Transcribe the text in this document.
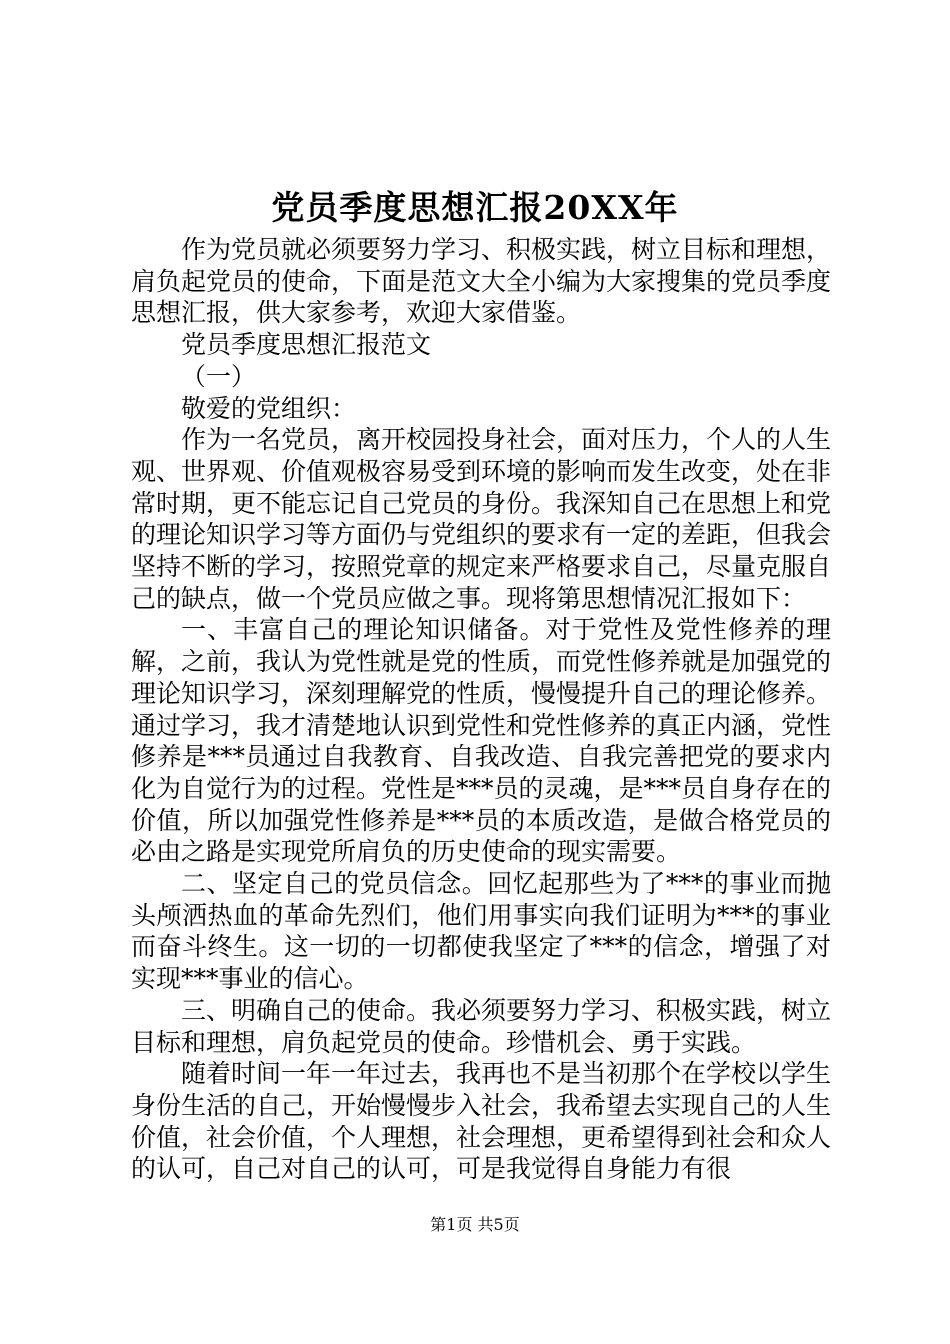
党员季度思想汇报20XX年

作为党员就必须要努力学习、积极实践，树立目标和理想，肩负起党员的使命，下面是范文大全小编为大家搜集的党员季度思想汇报，供大家参考，欢迎大家借鉴。

党员季度思想汇报范文

（一）

敬爱的党组织：

作为一名党员，离开校园投身社会，面对压力，个人的人生观、世界观、价值观极容易受到环境的影响而发生改变，处在非常时期，更不能忘记自己党员的身份。我深知自己在思想上和党的理论知识学习等方面仍与党组织的要求有一定的差距，但我会坚持不断的学习，按照党章的规定来严格要求自己，尽量克服自己的缺点，做一个党员应做之事。现将第思想情况汇报如下：

一、丰富自己的理论知识储备。对于党性及党性修养的理解，之前，我认为党性就是党的性质，而党性修养就是加强党的理论知识学习，深刻理解党的性质，慢慢提升自己的理论修养。通过学习，我才清楚地认识到党性和党性修养的真正内涵，党性修养是***员通过自我教育、自我改造、自我完善把党的要求内化为自觉行为的过程。党性是***员的灵魂，是***员自身存在的价值，所以加强党性修养是***员的本质改造，是做合格党员的必由之路是实现党所肩负的历史使命的现实需要。

二、坚定自己的党员信念。回忆起那些为了***的事业而抛头颅洒热血的革命先烈们，他们用事实向我们证明为***的事业而奋斗终生。这一切的一切都使我坚定了***的信念，增强了对实现***事业的信心。

三、明确自己的使命。我必须要努力学习、积极实践，树立目标和理想，肩负起党员的使命。珍惜机会、勇于实践。

随着时间一年一年过去，我再也不是当初那个在学校以学生身份生活的自己，开始慢慢步入社会，我希望去实现自己的人生价值，社会价值，个人理想，社会理想，更希望得到社会和众人的认可，自己对自己的认可，可是我觉得自身能力有很

第1页 共5页
